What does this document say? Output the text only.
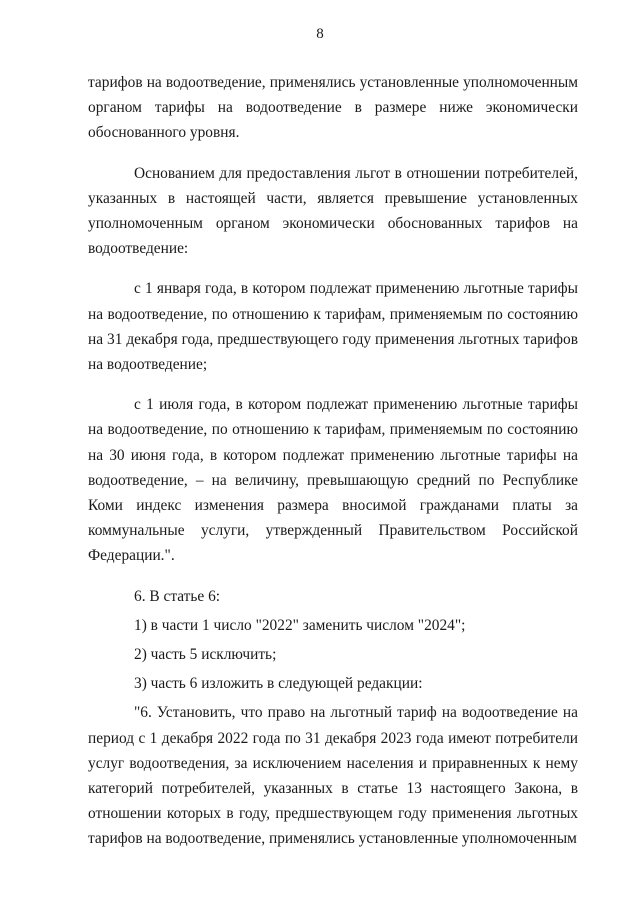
8

тарифов на водоотведение, применялись установленные уполномоченным органом тарифы на водоотведение в размере ниже экономически обоснованного уровня.

Основанием для предоставления льгот в отношении потребителей, указанных в настоящей части, является превышение установленных уполномоченным органом экономически обоснованных тарифов на водоотведение:

с 1 января года, в котором подлежат применению льготные тарифы на водоотведение, по отношению к тарифам, применяемым по состоянию на 31 декабря года, предшествующего году применения льготных тарифов на водоотведение;

с 1 июля года, в котором подлежат применению льготные тарифы на водоотведение, по отношению к тарифам, применяемым по состоянию на 30 июня года, в котором подлежат применению льготные тарифы на водоотведение, – на величину, превышающую средний по Республике Коми индекс изменения размера вносимой гражданами платы за коммунальные услуги, утвержденный Правительством Российской Федерации.".

6. В статье 6:

1) в части 1 число "2022" заменить числом "2024";

2) часть 5 исключить;

3) часть 6 изложить в следующей редакции:

"6. Установить, что право на льготный тариф на водоотведение на период с 1 декабря 2022 года по 31 декабря 2023 года имеют потребители услуг водоотведения, за исключением населения и приравненных к нему категорий потребителей, указанных в статье 13 настоящего Закона, в отношении которых в году, предшествующем году применения льготных тарифов на водоотведение, применялись установленные уполномоченным
